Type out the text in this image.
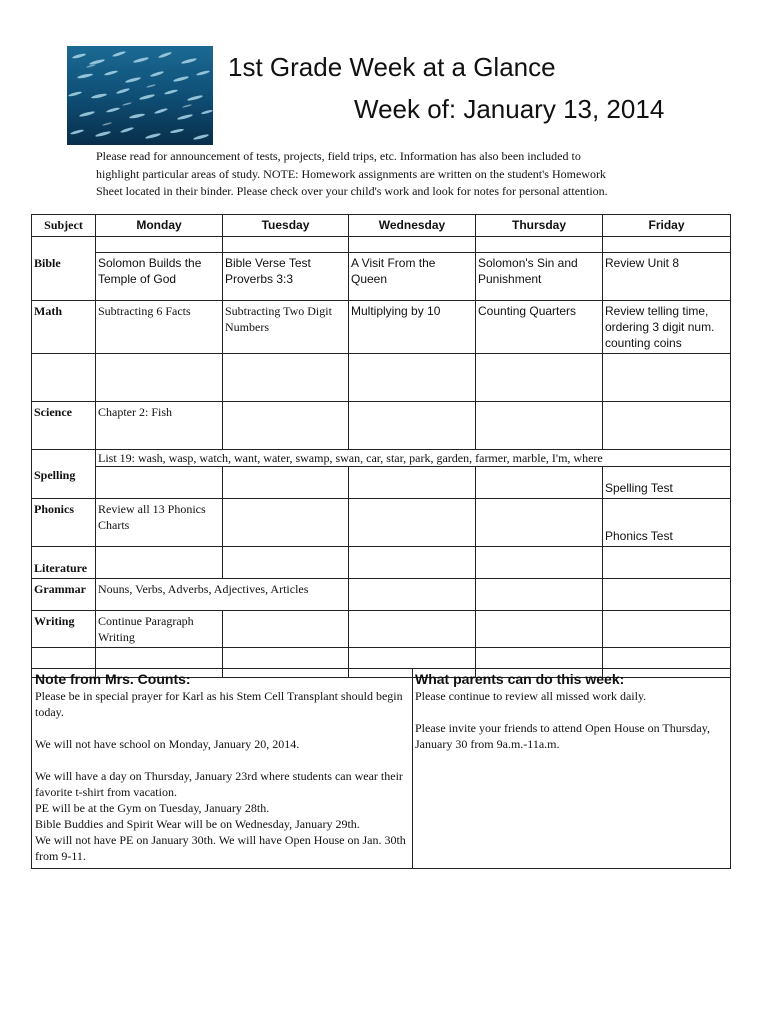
1st Grade Week at a Glance
Week of: January 13, 2014
Please read for announcement of tests, projects, field trips, etc. Information has also been included to
highlight particular areas of study. NOTE: Homework assignments are written on the student's Homework
Sheet located in their binder. Please check over your child's work and look for notes for personal attention.
Subject	Monday	Tuesday	Wednesday	Thursday	Friday

Bible	Solomon Builds the Temple of God	Bible Verse Test Proverbs 3:3	A Visit From the Queen	Solomon's Sin and Punishment	Review Unit 8
Math	Subtracting 6 Facts	Subtracting Two Digit Numbers	Multiplying by 10	Counting Quarters	Review telling time, ordering 3 digit num. counting coins

Science	Chapter 2: Fish				
	List 19: wash, wasp, watch, want, water, swamp, swan, car, star, park, garden, farmer, marble, I'm, where				
Spelling					Spelling Test
Phonics	Review all 13 Phonics Charts				Phonics Test
Literature					
Grammar	Nouns, Verbs, Adverbs, Adjectives, Articles				
Writing	Continue Paragraph Writing				

Note from Mrs. Counts:

Please be in special prayer for Karl as his Stem Cell Transplant should begin today.

We will not have school on Monday, January 20, 2014.

We will have a day on Thursday, January 23rd where students can wear their favorite t-shirt from vacation.

PE will be at the Gym on Tuesday, January 28th.

Bible Buddies and Spirit Wear will be on Wednesday, January 29th.

We will not have PE on January 30th. We will have Open House on Jan. 30th from 9-11.

What parents can do this week:

Please continue to review all missed work daily.

Please invite your friends to attend Open House on Thursday, January 30 from 9a.m.-11a.m.
